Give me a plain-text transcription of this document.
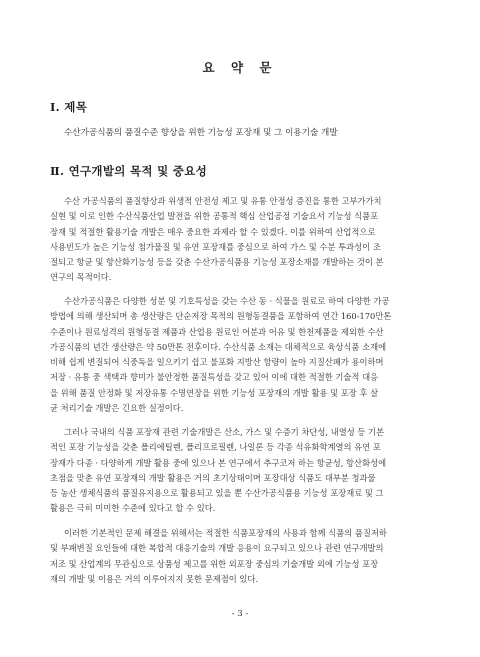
요 약 문
Ⅰ. 제목
수산가공식품의 품질수준 향상을 위한 기능성 포장재 및 그 이용기술 개발
Ⅱ. 연구개발의 목적 및 중요성
수산 가공식품의 품질향상과 위생적 안전성 제고 및 유통 안정성 증진을 통한 고부가가치
실현 및 이로 인한 수산식품산업 발전을 위한 공통적 핵심 산업공정 기술요서 기능성 식품포
장재 및 적절한 활용기술 개발은 매우 중요한 과제라 할 수 있겠다. 이를 위하여 산업적으로
사용빈도가 높은 기능성 첨가물질 및 유연 포장재를 중심으로 하여 가스 및 수분 투과성이 조
절되고 항균 및 항산화기능성 등을 갖춘 수산가공식품용 기능성 포장소재를 개발하는 것이 본
연구의 목적이다.
수산가공식품은 다양한 성분 및 기호특성을 갖는 수산 동 · 식물을 원료로 하여 다양한 가공
방법에 의해 생산되며 총 생산량은 단순저장 목적의 원형동결품을 포함하여 연간 160-170만톤
수준이나 원료성격의 원형동결 제품과 산업용 원료인 어분과 어유 및 한천제품을 제외한 수산
가공식품의 년간 생산량은 약 50만톤 전후이다. 수산식품 소재는 대체적으로 육상식품 소재에
비해 쉽게 변질되어 식중독을 일으키기 쉽고 불포화 지방산 함량이 높아 지질산패가 용이하며
저장 · 유통 중 색택과 향미가 불안정한 품질특성을 갖고 있어 이에 대한 적절한 기술적 대응
을 위해 품질 안정화 및 저장유통 수명연장을 위한 기능성 포장재의 개발 활용 및 포장 후 살
균 처리기술 개발은 긴요한 실정이다.
그러나 국내의 식품 포장재 관련 기술개발은 산소, 가스 및 수증기 차단성, 내열성 등 기본
적인 포장 기능성을 갖춘 폴리에틸렌, 폴리프로필렌, 나일론 등 각종 석유화학계열의 유연 포
장재가 다종 · 다양하게 개발 활용 중에 있으나 본 연구에서 추구코저 하는 항균성, 항산화성에
초점을 맞춘 유연 포장재의 개발 활용은 거의 초기상태이며 포장대상 식품도 대부분 청과물
등 농산 생체식품의 품질유지용으로 활용되고 있을 뿐 수산가공식품용 기능성 포장재료 및 그
활용은 극히 미미한 수준에 있다고 할 수 있다.
이러한 기본적인 문제 해결을 위해서는 적절한 식품포장재의 사용과 함께 식품의 품질저하
및 부패변질 요인들에 대한 복합적 대응기술의 개발 응용이 요구되고 있으나 관련 연구개발의
저조 및 산업계의 무관심으로 상품성 제고를 위한 외포장 중심의 기술개발 외에 기능성 포장
재의 개발 및 이용은 거의 이루어지지 못한 문제점이 있다.
- 3 -
